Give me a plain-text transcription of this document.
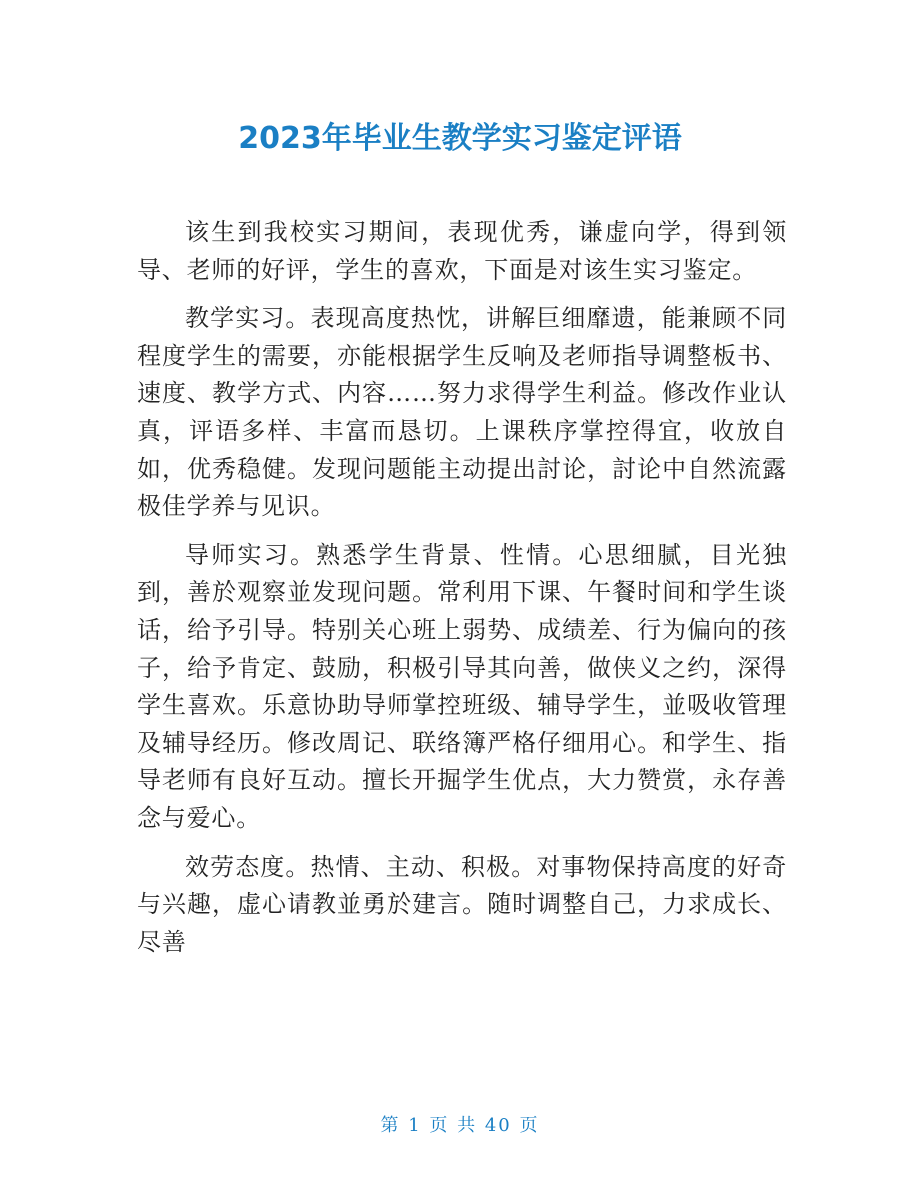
2023年毕业生教学实习鉴定评语

该生到我校实习期间，表现优秀，谦虚向学，得到领导、老师的好评，学生的喜欢，下面是对该生实习鉴定。

教学实习。表现高度热忱，讲解巨细靡遗，能兼顾不同程度学生的需要，亦能根据学生反响及老师指导调整板书、速度、教学方式、内容……努力求得学生利益。修改作业认真，评语多样、丰富而恳切。上课秩序掌控得宜，收放自如，优秀稳健。发现问题能主动提出討论，討论中自然流露极佳学养与见识。

导师实习。熟悉学生背景、性情。心思细腻，目光独到，善於观察並发现问题。常利用下课、午餐时间和学生谈话，给予引导。特别关心班上弱势、成绩差、行为偏向的孩子，给予肯定、鼓励，积极引导其向善，做侠义之约，深得学生喜欢。乐意协助导师掌控班级、辅导学生，並吸收管理及辅导经历。修改周记、联络簿严格仔细用心。和学生、指导老师有良好互动。擅长开掘学生优点，大力赞赏，永存善念与爱心。

效劳态度。热情、主动、积极。对事物保持高度的好奇与兴趣，虚心请教並勇於建言。随时调整自己，力求成长、尽善

第 1 页 共 40 页
